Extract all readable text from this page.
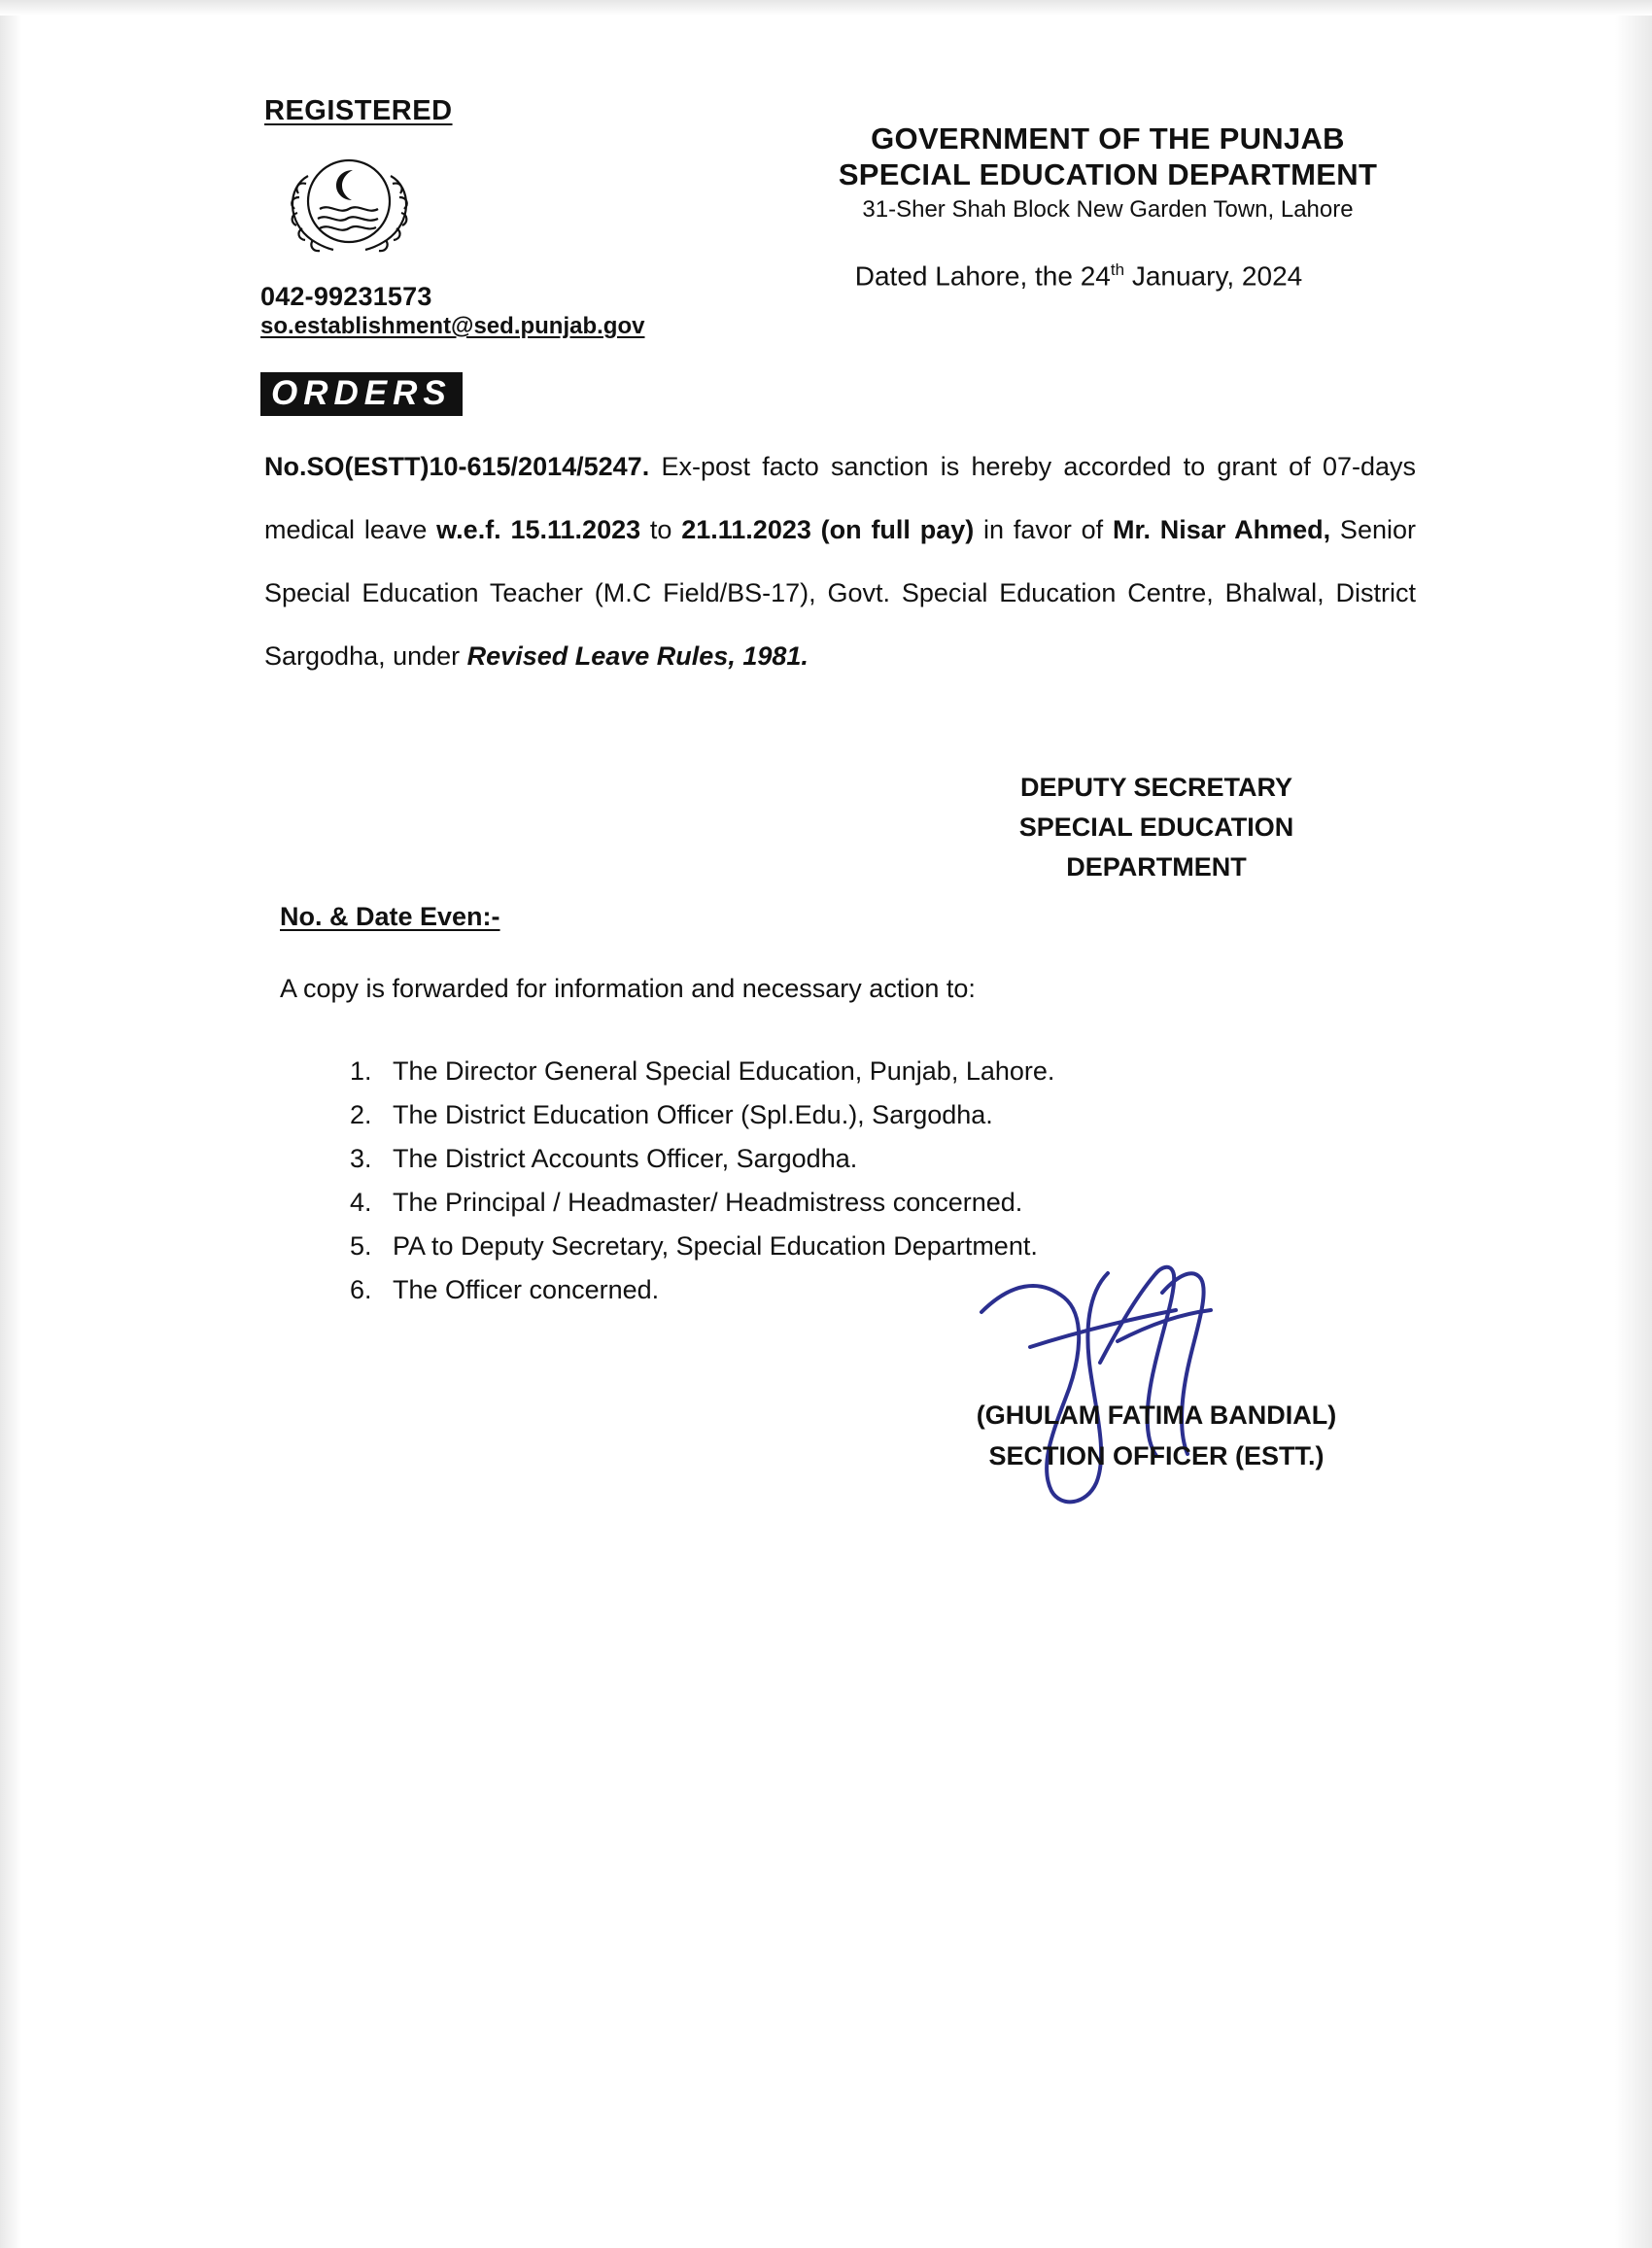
REGISTERED
042-99231573
so.establishment@sed.punjab.gov
GOVERNMENT OF THE PUNJAB
SPECIAL EDUCATION DEPARTMENT
31-Sher Shah Block New Garden Town, Lahore
Dated Lahore, the 24th January, 2024
ORDERS
No.SO(ESTT)10-615/2014/5247. Ex-post facto sanction is hereby accorded to grant of 07-days medical leave w.e.f. 15.11.2023 to 21.11.2023 (on full pay) in favor of Mr. Nisar Ahmed, Senior Special Education Teacher (M.C Field/BS-17), Govt. Special Education Centre, Bhalwal, District Sargodha, under Revised Leave Rules, 1981.
DEPUTY SECRETARY
SPECIAL EDUCATION
DEPARTMENT
No. & Date Even:-
A copy is forwarded for information and necessary action to:
1. The Director General Special Education, Punjab, Lahore.
2. The District Education Officer (Spl.Edu.), Sargodha.
3. The District Accounts Officer, Sargodha.
4. The Principal / Headmaster/ Headmistress concerned.
5. PA to Deputy Secretary, Special Education Department.
6. The Officer concerned.
(GHULAM FATIMA BANDIAL)
SECTION OFFICER (ESTT.)
